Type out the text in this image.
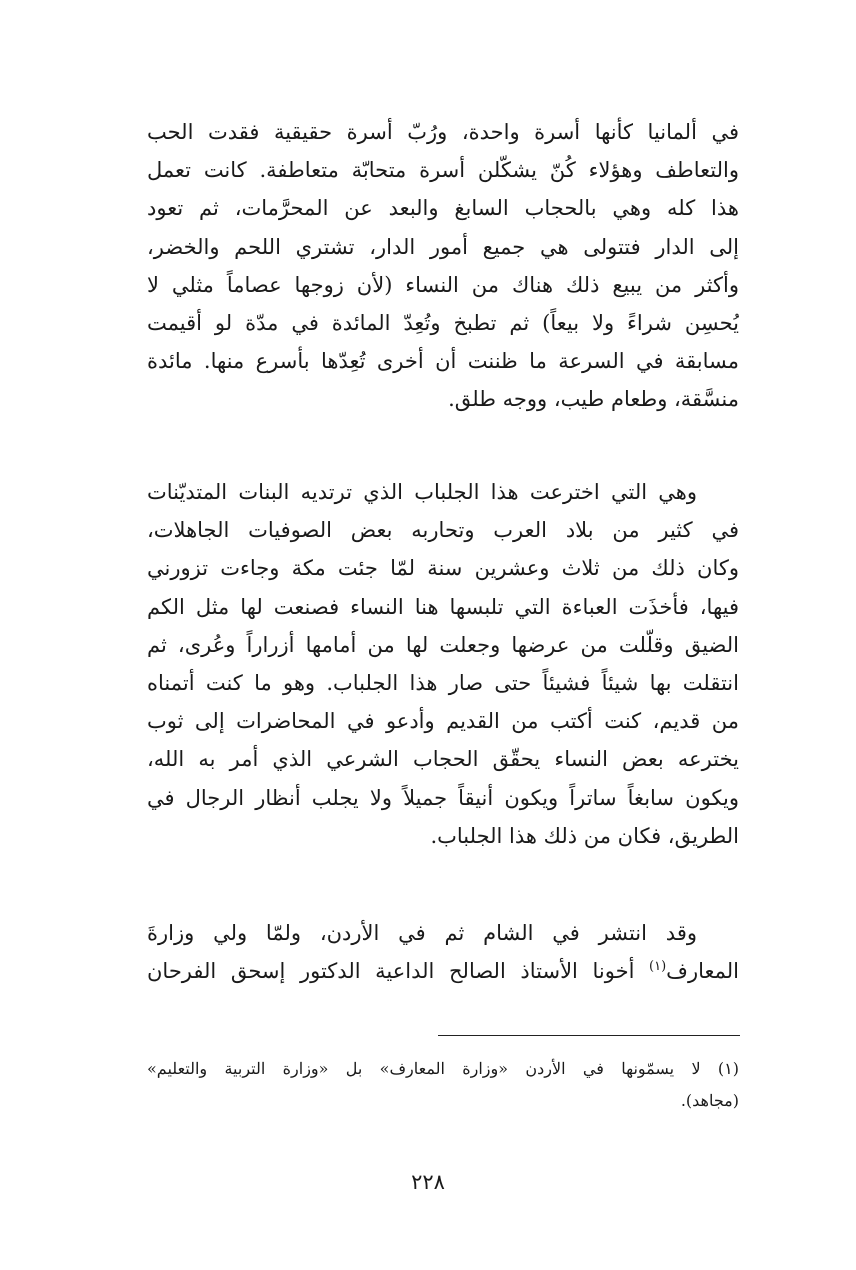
في ألمانيا كأنها أسرة واحدة، ورُبّ أسرة حقيقية فقدت الحب
والتعاطف وهؤلاء كُنّ يشكّلن أسرة متحابّة متعاطفة. كانت تعمل
هذا كله وهي بالحجاب السابغ والبعد عن المحرَّمات، ثم تعود
إلى الدار فتتولى هي جميع أمور الدار، تشتري اللحم والخضر،
وأكثر من يبيع ذلك هناك من النساء (لأن زوجها عصاماً مثلي لا
يُحسِن شراءً ولا بيعاً) ثم تطبخ وتُعِدّ المائدة في مدّة لو أقيمت
مسابقة في السرعة ما ظننت أن أخرى تُعِدّها بأسرع منها. مائدة
منسَّقة، وطعام طيب، ووجه طلق.
وهي التي اخترعت هذا الجلباب الذي ترتديه البنات المتديّنات
في كثير من بلاد العرب وتحاربه بعض الصوفيات الجاهلات،
وكان ذلك من ثلاث وعشرين سنة لمّا جئت مكة وجاءت تزورني
فيها، فأخذَت العباءة التي تلبسها هنا النساء فصنعت لها مثل الكم
الضيق وقلّلت من عرضها وجعلت لها من أمامها أزراراً وعُرى، ثم
انتقلت بها شيئاً فشيئاً حتى صار هذا الجلباب. وهو ما كنت أتمناه
من قديم، كنت أكتب من القديم وأدعو في المحاضرات إلى ثوب
يخترعه بعض النساء يحقّق الحجاب الشرعي الذي أمر به الله،
ويكون سابغاً ساتراً ويكون أنيقاً جميلاً ولا يجلب أنظار الرجال في
الطريق، فكان من ذلك هذا الجلباب.
وقد انتشر في الشام ثم في الأردن، ولمّا ولي وزارةَ
المعارف$^{(١)}$ أخونا الأستاذ الصالح الداعية الدكتور إسحق الفرحان
(١) لا يسمّونها في الأردن «وزارة المعارف» بل «وزارة التربية والتعليم»
(مجاهد).
٢٢٨
